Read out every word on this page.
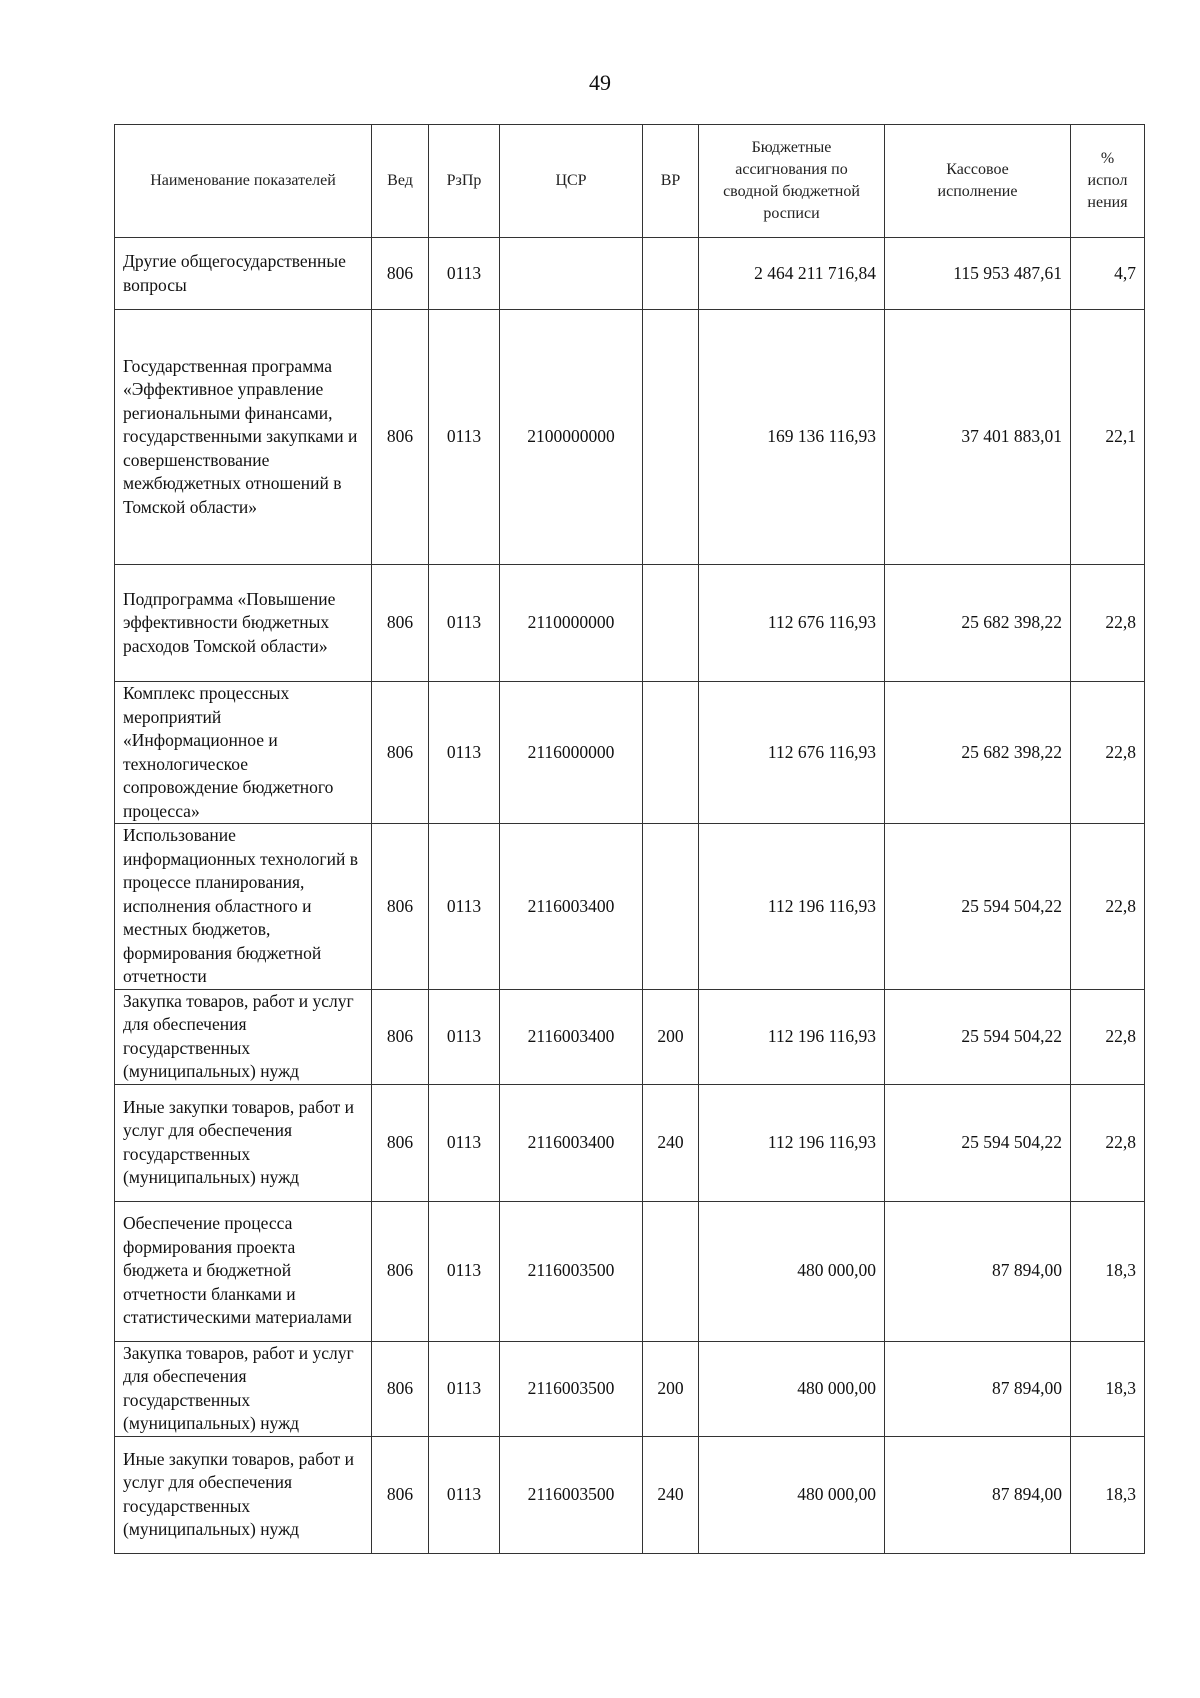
49
Наименование показателей	Вед	РзПр	ЦСР	ВР	Бюджетные ассигнования по сводной бюджетной росписи	Кассовое исполнение	% испол нения
Другие общегосударственные вопросы	806	0113			2 464 211 716,84	115 953 487,61	4,7
Государственная программа «Эффективное управление региональными финансами, государственными закупками и совершенствование межбюджетных отношений в Томской области»	806	0113	2100000000		169 136 116,93	37 401 883,01	22,1
Подпрограмма «Повышение эффективности бюджетных расходов Томской области»	806	0113	2110000000		112 676 116,93	25 682 398,22	22,8
Комплекс процессных мероприятий «Информационное и технологическое сопровождение бюджетного процесса»	806	0113	2116000000		112 676 116,93	25 682 398,22	22,8
Использование информационных технологий в процессе планирования, исполнения областного и местных бюджетов, формирования бюджетной отчетности	806	0113	2116003400		112 196 116,93	25 594 504,22	22,8
Закупка товаров, работ и услуг для обеспечения государственных (муниципальных) нужд	806	0113	2116003400	200	112 196 116,93	25 594 504,22	22,8
Иные закупки товаров, работ и услуг для обеспечения государственных (муниципальных) нужд	806	0113	2116003400	240	112 196 116,93	25 594 504,22	22,8
Обеспечение процесса формирования проекта бюджета и бюджетной отчетности бланками и статистическими материалами	806	0113	2116003500		480 000,00	87 894,00	18,3
Закупка товаров, работ и услуг для обеспечения государственных (муниципальных) нужд	806	0113	2116003500	200	480 000,00	87 894,00	18,3
Иные закупки товаров, работ и услуг для обеспечения государственных (муниципальных) нужд	806	0113	2116003500	240	480 000,00	87 894,00	18,3
